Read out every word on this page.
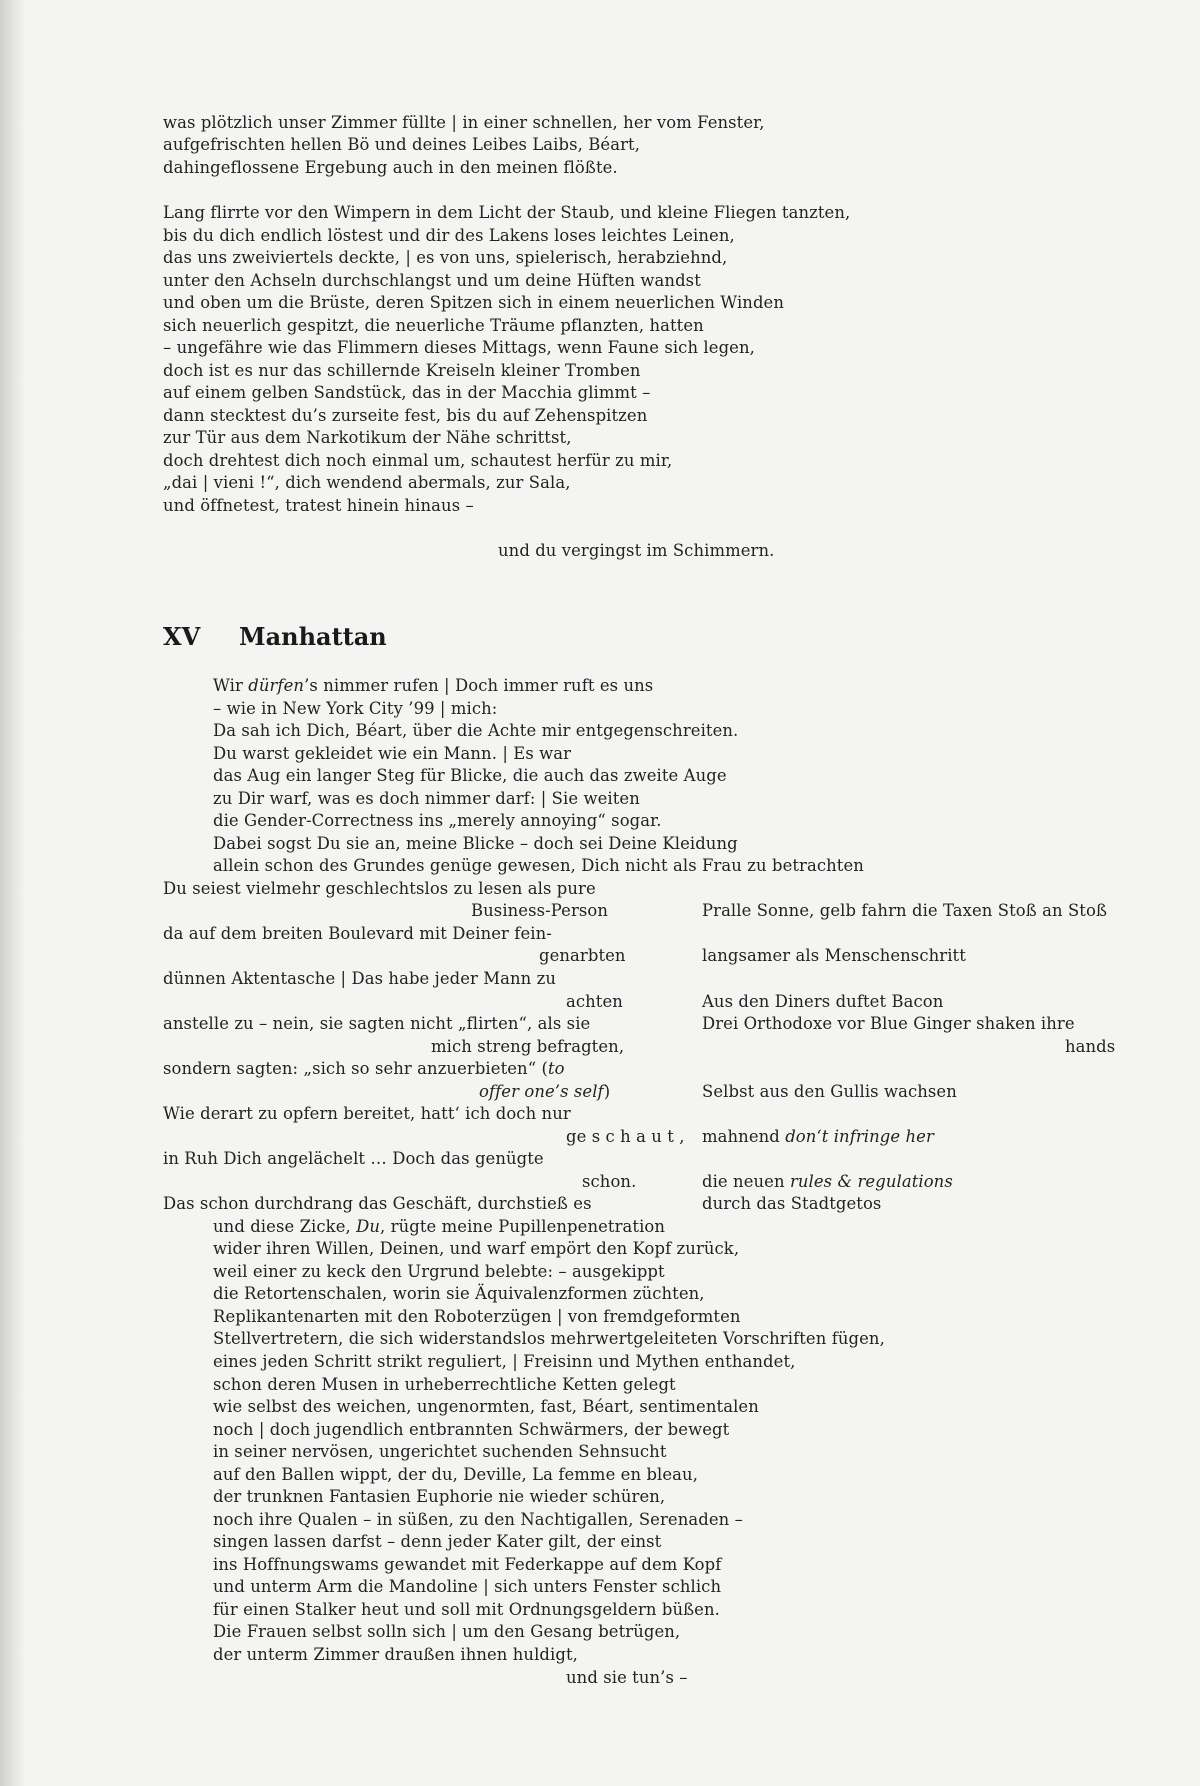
was plötzlich unser Zimmer füllte | in einer schnellen, her vom Fenster,
aufgefrischten hellen Bö und deines Leibes Laibs, Béart,
dahingeflossene Ergebung auch in den meinen flößte.
Lang flirrte vor den Wimpern in dem Licht der Staub, und kleine Fliegen tanzten,
bis du dich endlich löstest und dir des Lakens loses leichtes Leinen,
das uns zweiviertels deckte, | es von uns, spielerisch, herabziehnd,
unter den Achseln durchschlangst und um deine Hüften wandst
und oben um die Brüste, deren Spitzen sich in einem neuerlichen Winden
sich neuerlich gespitzt, die neuerliche Träume pflanzten, hatten
– ungefähre wie das Flimmern dieses Mittags, wenn Faune sich legen,
doch ist es nur das schillernde Kreiseln kleiner Tromben
auf einem gelben Sandstück, das in der Macchia glimmt –
dann stecktest du’s zurseite fest, bis du auf Zehenspitzen
zur Tür aus dem Narkotikum der Nähe schrittst,
doch drehtest dich noch einmal um, schautest herfür zu mir,
„dai | vieni !“, dich wendend abermals, zur Sala,
und öffnetest, tratest hinein hinaus –
und du vergingst im Schimmern.
XV Manhattan
Wir dürfen’s nimmer rufen | Doch immer ruft es uns
– wie in New York City ’99 | mich:
Da sah ich Dich, Béart, über die Achte mir entgegenschreiten.
Du warst gekleidet wie ein Mann. | Es war
das Aug ein langer Steg für Blicke, die auch das zweite Auge
zu Dir warf, was es doch nimmer darf: | Sie weiten
die Gender-Correctness ins „merely annoying“ sogar.
Dabei sogst Du sie an, meine Blicke – doch sei Deine Kleidung
allein schon des Grundes genüge gewesen, Dich nicht als Frau zu betrachten
Du seiest vielmehr geschlechtslos zu lesen als pure
Business-Person
da auf dem breiten Boulevard mit Deiner fein-
genarbten
dünnen Aktentasche | Das habe jeder Mann zu
achten
anstelle zu – nein, sie sagten nicht „flirten“, als sie
mich streng befragten,
sondern sagten: „sich so sehr anzuerbieten“ (to
offer one’s self)
Wie derart zu opfern bereitet, hatt‘ ich doch nur
ge s c h a u t ,
in Ruh Dich angelächelt … Doch das genügte
schon.
Das schon durchdrang das Geschäft, durchstieß es
Pralle Sonne, gelb fahrn die Taxen Stoß an Stoß
langsamer als Menschenschritt
Aus den Diners duftet Bacon
Drei Orthodoxe vor Blue Ginger shaken ihre
hands
Selbst aus den Gullis wachsen
mahnend don‘t infringe her
die neuen rules & regulations
durch das Stadtgetos
und diese Zicke, Du, rügte meine Pupillenpenetration
wider ihren Willen, Deinen, und warf empört den Kopf zurück,
weil einer zu keck den Urgrund belebte: – ausgekippt
die Retortenschalen, worin sie Äquivalenzformen züchten,
Replikantenarten mit den Roboterzügen | von fremdgeformten
Stellvertretern, die sich widerstandslos mehrwertgeleiteten Vorschriften fügen,
eines jeden Schritt strikt reguliert, | Freisinn und Mythen enthandet,
schon deren Musen in urheberrechtliche Ketten gelegt
wie selbst des weichen, ungenormten, fast, Béart, sentimentalen
noch | doch jugendlich entbrannten Schwärmers, der bewegt
in seiner nervösen, ungerichtet suchenden Sehnsucht
auf den Ballen wippt, der du, Deville, La femme en bleau,
der trunknen Fantasien Euphorie nie wieder schüren,
noch ihre Qualen – in süßen, zu den Nachtigallen, Serenaden –
singen lassen darfst – denn jeder Kater gilt, der einst
ins Hoffnungswams gewandet mit Federkappe auf dem Kopf
und unterm Arm die Mandoline | sich unters Fenster schlich
für einen Stalker heut und soll mit Ordnungsgeldern büßen.
Die Frauen selbst solln sich | um den Gesang betrügen,
der unterm Zimmer draußen ihnen huldigt,
und sie tun’s –
